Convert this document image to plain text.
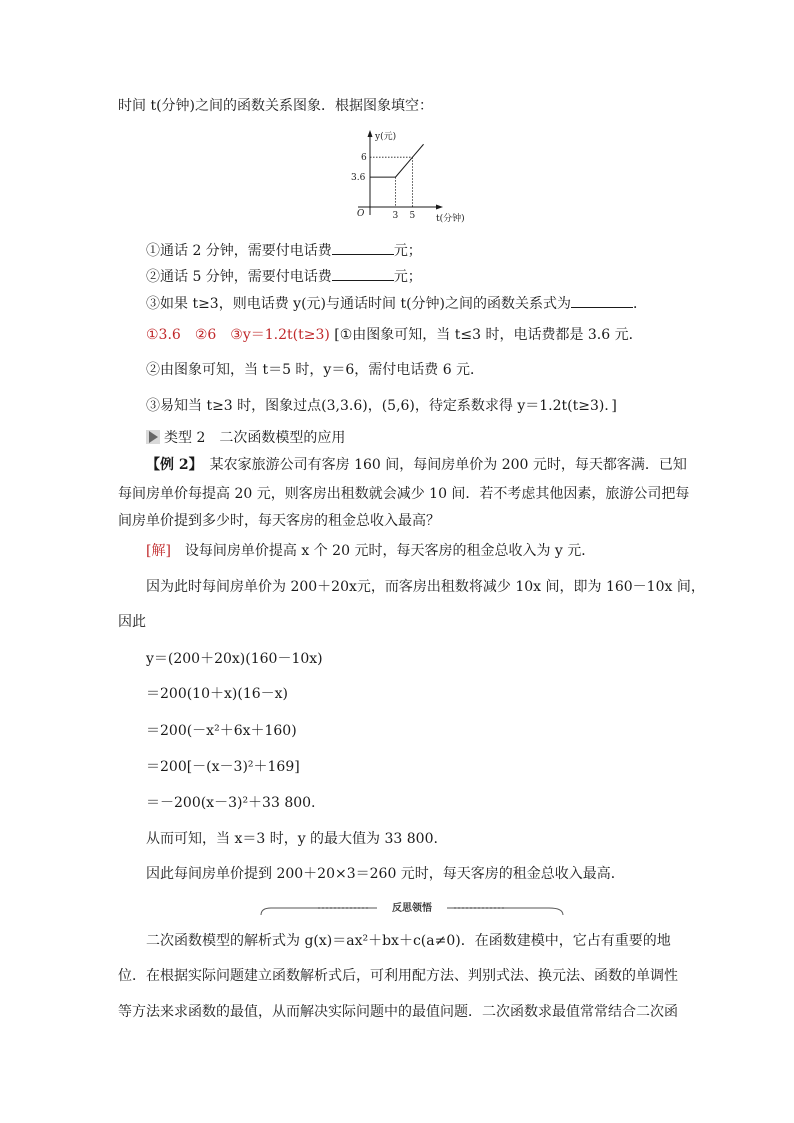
时间 t(分钟)之间的函数关系图象．根据图象填空：
y(元)
t(分钟)
O
6
3.6
3 5
①通话 2 分钟，需要付电话费	元；
②通话 5 分钟，需要付电话费	元；
③如果 t≥3，则电话费 y(元)与通话时间 t(分钟)之间的函数关系式为	．
①3.6　②6　③y＝1.2t(t≥3) [①由图象可知，当 t≤3 时，电话费都是 3.6 元．
②由图象可知，当 t＝5 时，y＝6，需付电话费 6 元．
③易知当 t≥3 时，图象过点(3,3.6)，(5,6)，待定系数求得 y＝1.2t(t≥3)．]
类型 2　二次函数模型的应用
【例 2】　某农家旅游公司有客房 160 间，每间房单价为 200 元时，每天都客满．已知
每间房单价每提高 20 元，则客房出租数就会减少 10 间．若不考虑其他因素，旅游公司把每
间房单价提到多少时，每天客房的租金总收入最高？
[解]　设每间房单价提高 x 个 20 元时，每天客房的租金总收入为 y 元．
因为此时每间房单价为 200＋20x元，而客房出租数将减少 10x 间，即为 160－10x 间，
因此
y＝(200＋20x)(160－10x)
＝200(10＋x)(16－x)
＝200(－x²＋6x＋160)
＝200[－(x－3)²＋169]
＝－200(x－3)²＋33 800.
从而可知，当 x＝3 时，y 的最大值为 33 800.
因此每间房单价提到 200＋20×3＝260 元时，每天客房的租金总收入最高．
反思领悟
二次函数模型的解析式为 g(x)＝ax²＋bx＋c(a≠0)．在函数建模中，它占有重要的地
位．在根据实际问题建立函数解析式后，可利用配方法、判别式法、换元法、函数的单调性
等方法来求函数的最值，从而解决实际问题中的最值问题．二次函数求最值常常结合二次函
